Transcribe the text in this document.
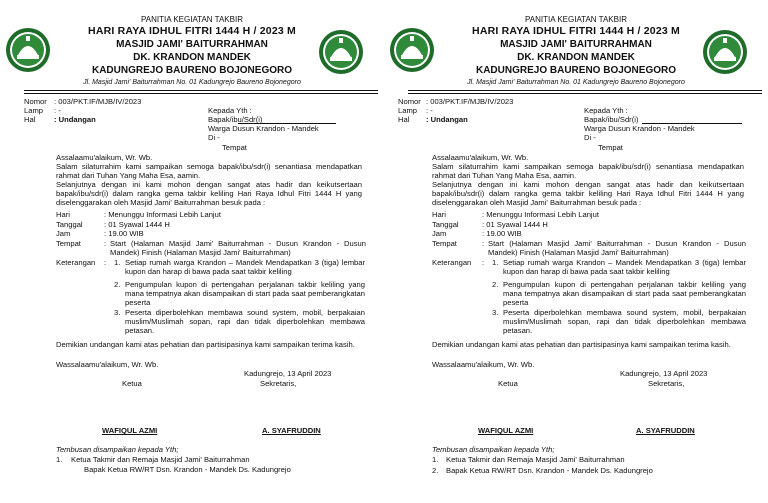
PANITIA KEGIATAN TAKBIR
HARI RAYA IDHUL FITRI 1444 H / 2023 M
MASJID JAMI' BAITURRAHMAN
DK. KRANDON MANDEK
KADUNGREJO BAURENO BOJONEGORO
Jl. Masjid Jami' Baiturrahman No. 01 Kadungrejo Baureno Bojonegoro
Nomor : 003/PKT.IF/MJB/IV/2023
Lamp : -
Hal : Undangan
Kepada Yth :
Bapak/ibu/Sdr(i)
Warga Dusun Krandon - Mandek
Di -
Tempat
Assalaamu'alaikum, Wr. Wb.
Salam silaturrahim kami sampaikan semoga bapak/ibu/sdr(i) senantiasa mendapatkan rahmat dari Tuhan Yang Maha Esa, aamin.
Selanjutnya dengan ini kami mohon dengan sangat atas hadir dan keikutsertaan bapak/ibu/sdr(i) dalam rangka gema takbir keliling Hari Raya Idhul Fitri 1444 H yang diselenggarakan oleh Masjid Jami' Baiturrahman besuk pada :
Hari	: Menunggu Informasi Lebih Lanjut
Tanggal	: 01 Syawal 1444 H
Jam	: 19.00 WIB
Tempat	: Start (Halaman Masjid Jami' Baiturrahman - Dusun Krandon - Dusun Mandek) Finish (Halaman Masjid Jami' Baiturrahman)
Keterangan : 1. Setiap rumah warga Krandon – Mandek Mendapatkan 3 (tiga) lembar kupon dan harap di bawa pada saat takbir keliling
2. Pengumpulan kupon di pertengahan perjalanan takbir keliling yang mana tempatnya akan disampaikan di start pada saat pemberangkatan peserta
3. Peserta diperbolehkan membawa sound system, mobil, berpakaian muslim/Muslimah sopan, rapi dan tidak diperbolehkan membawa petasan.
Demikian undangan kami atas pehatian dan partisipasinya kami sampaikan terima kasih.
Wassalaamu'alaikum, Wr. Wb.
Kadungrejo, 13 April 2023
Ketua	Sekretaris,
WAFIQUL AZMI	A. SYAFRUDDIN
Tembusan disampaikan kepada Yth;
1. Ketua Takmir dan Remaja Masjid Jami' Baiturrahman
Bapak Ketua RW/RT Dsn. Krandon - Mandek Ds. Kadungrejo
PANITIA KEGIATAN TAKBIR
HARI RAYA IDHUL FITRI 1444 H / 2023 M
MASJID JAMI' BAITURRAHMAN
DK. KRANDON MANDEK
KADUNGREJO BAURENO BOJONEGORO
Jl. Masjid Jami' Baiturrahman No. 01 Kadungrejo Baureno Bojonegoro
Nomor : 003/PKT.IF/MJB/IV/2023
Lamp : -
Hal : Undangan
Kepada Yth :
Bapak/ibu/Sdr(i)
Warga Dusun Krandon - Mandek
Di -
Tempat
Assalaamu'alaikum, Wr. Wb.
Salam silaturrahim kami sampaikan semoga bapak/ibu/sdr(i) senantiasa mendapatkan rahmat dari Tuhan Yang Maha Esa, aamin.
Selanjutnya dengan ini kami mohon dengan sangat atas hadir dan keikutsertaan bapak/ibu/sdr(i) dalam rangka gema takbir keliling Hari Raya Idhul Fitri 1444 H yang diselenggarakan oleh Masjid Jami' Baiturrahman besuk pada :
Hari	: Menunggu Informasi Lebih Lanjut
Tanggal	: 01 Syawal 1444 H
Jam	: 19.00 WIB
Tempat	: Start (Halaman Masjid Jami' Baiturrahman - Dusun Krandon - Dusun Mandek) Finish (Halaman Masjid Jami' Baiturrahman)
Keterangan : 1. Setiap rumah warga Krandon – Mandek Mendapatkan 3 (tiga) lembar kupon dan harap di bawa pada saat takbir keliling
2. Pengumpulan kupon di pertengahan perjalanan takbir keliling yang mana tempatnya akan disampaikan di start pada saat pemberangkatan peserta
3. Peserta diperbolehkan membawa sound system, mobil, berpakaian muslim/Muslimah sopan, rapi dan tidak diperbolehkan membawa petasan.
Demikian undangan kami atas pehatian dan partisipasinya kami sampaikan terima kasih.
Wassalaamu'alaikum, Wr. Wb.
Kadungrejo, 13 April 2023
Ketua	Sekretaris,
WAFIQUL AZMI	A. SYAFRUDDIN
Tembusan disampaikan kepada Yth;
1. Ketua Takmir dan Remaja Masjid Jami' Baiturrahman
2. Bapak Ketua RW/RT Dsn. Krandon - Mandek Ds. Kadungrejo
